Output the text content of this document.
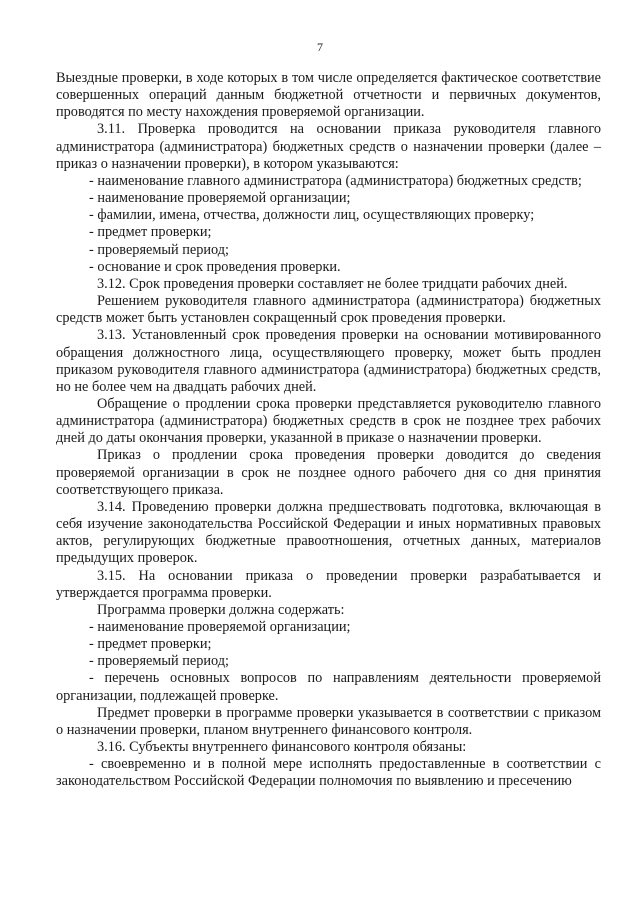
7

Выездные проверки, в ходе которых в том числе определяется фактическое соответствие совершенных операций данным бюджетной отчетности и первичных документов, проводятся по месту нахождения проверяемой организации.

3.11. Проверка проводится на основании приказа руководителя главного администратора (администратора) бюджетных средств о назначении проверки (далее – приказ о назначении проверки), в котором указываются:

- наименование главного администратора (администратора) бюджетных средств;

- наименование проверяемой организации;

- фамилии, имена, отчества, должности лиц, осуществляющих проверку;

- предмет проверки;

- проверяемый период;

- основание и срок проведения проверки.

3.12. Срок проведения проверки составляет не более тридцати рабочих дней.

Решением руководителя главного администратора (администратора) бюджетных средств может быть установлен сокращенный срок проведения проверки.

3.13. Установленный срок проведения проверки на основании мотивированного обращения должностного лица, осуществляющего проверку, может быть продлен приказом руководителя главного администратора (администратора) бюджетных средств, но не более чем на двадцать рабочих дней.

Обращение о продлении срока проверки представляется руководителю главного администратора (администратора) бюджетных средств в срок не позднее трех рабочих дней до даты окончания проверки, указанной в приказе о назначении проверки.

Приказ о продлении срока проведения проверки доводится до сведения проверяемой организации в срок не позднее одного рабочего дня со дня принятия соответствующего приказа.

3.14. Проведению проверки должна предшествовать подготовка, включающая в себя изучение законодательства Российской Федерации и иных нормативных правовых актов, регулирующих бюджетные правоотношения, отчетных данных, материалов предыдущих проверок.

3.15. На основании приказа о проведении проверки разрабатывается и утверждается программа проверки.

Программа проверки должна содержать:

- наименование проверяемой организации;

- предмет проверки;

- проверяемый период;

- перечень основных вопросов по направлениям деятельности проверяемой организации, подлежащей проверке.

Предмет проверки в программе проверки указывается в соответствии с приказом о назначении проверки, планом внутреннего финансового контроля.

3.16. Субъекты внутреннего финансового контроля обязаны:

- своевременно и в полной мере исполнять предоставленные в соответствии с законодательством Российской Федерации полномочия по выявлению и пресечению
